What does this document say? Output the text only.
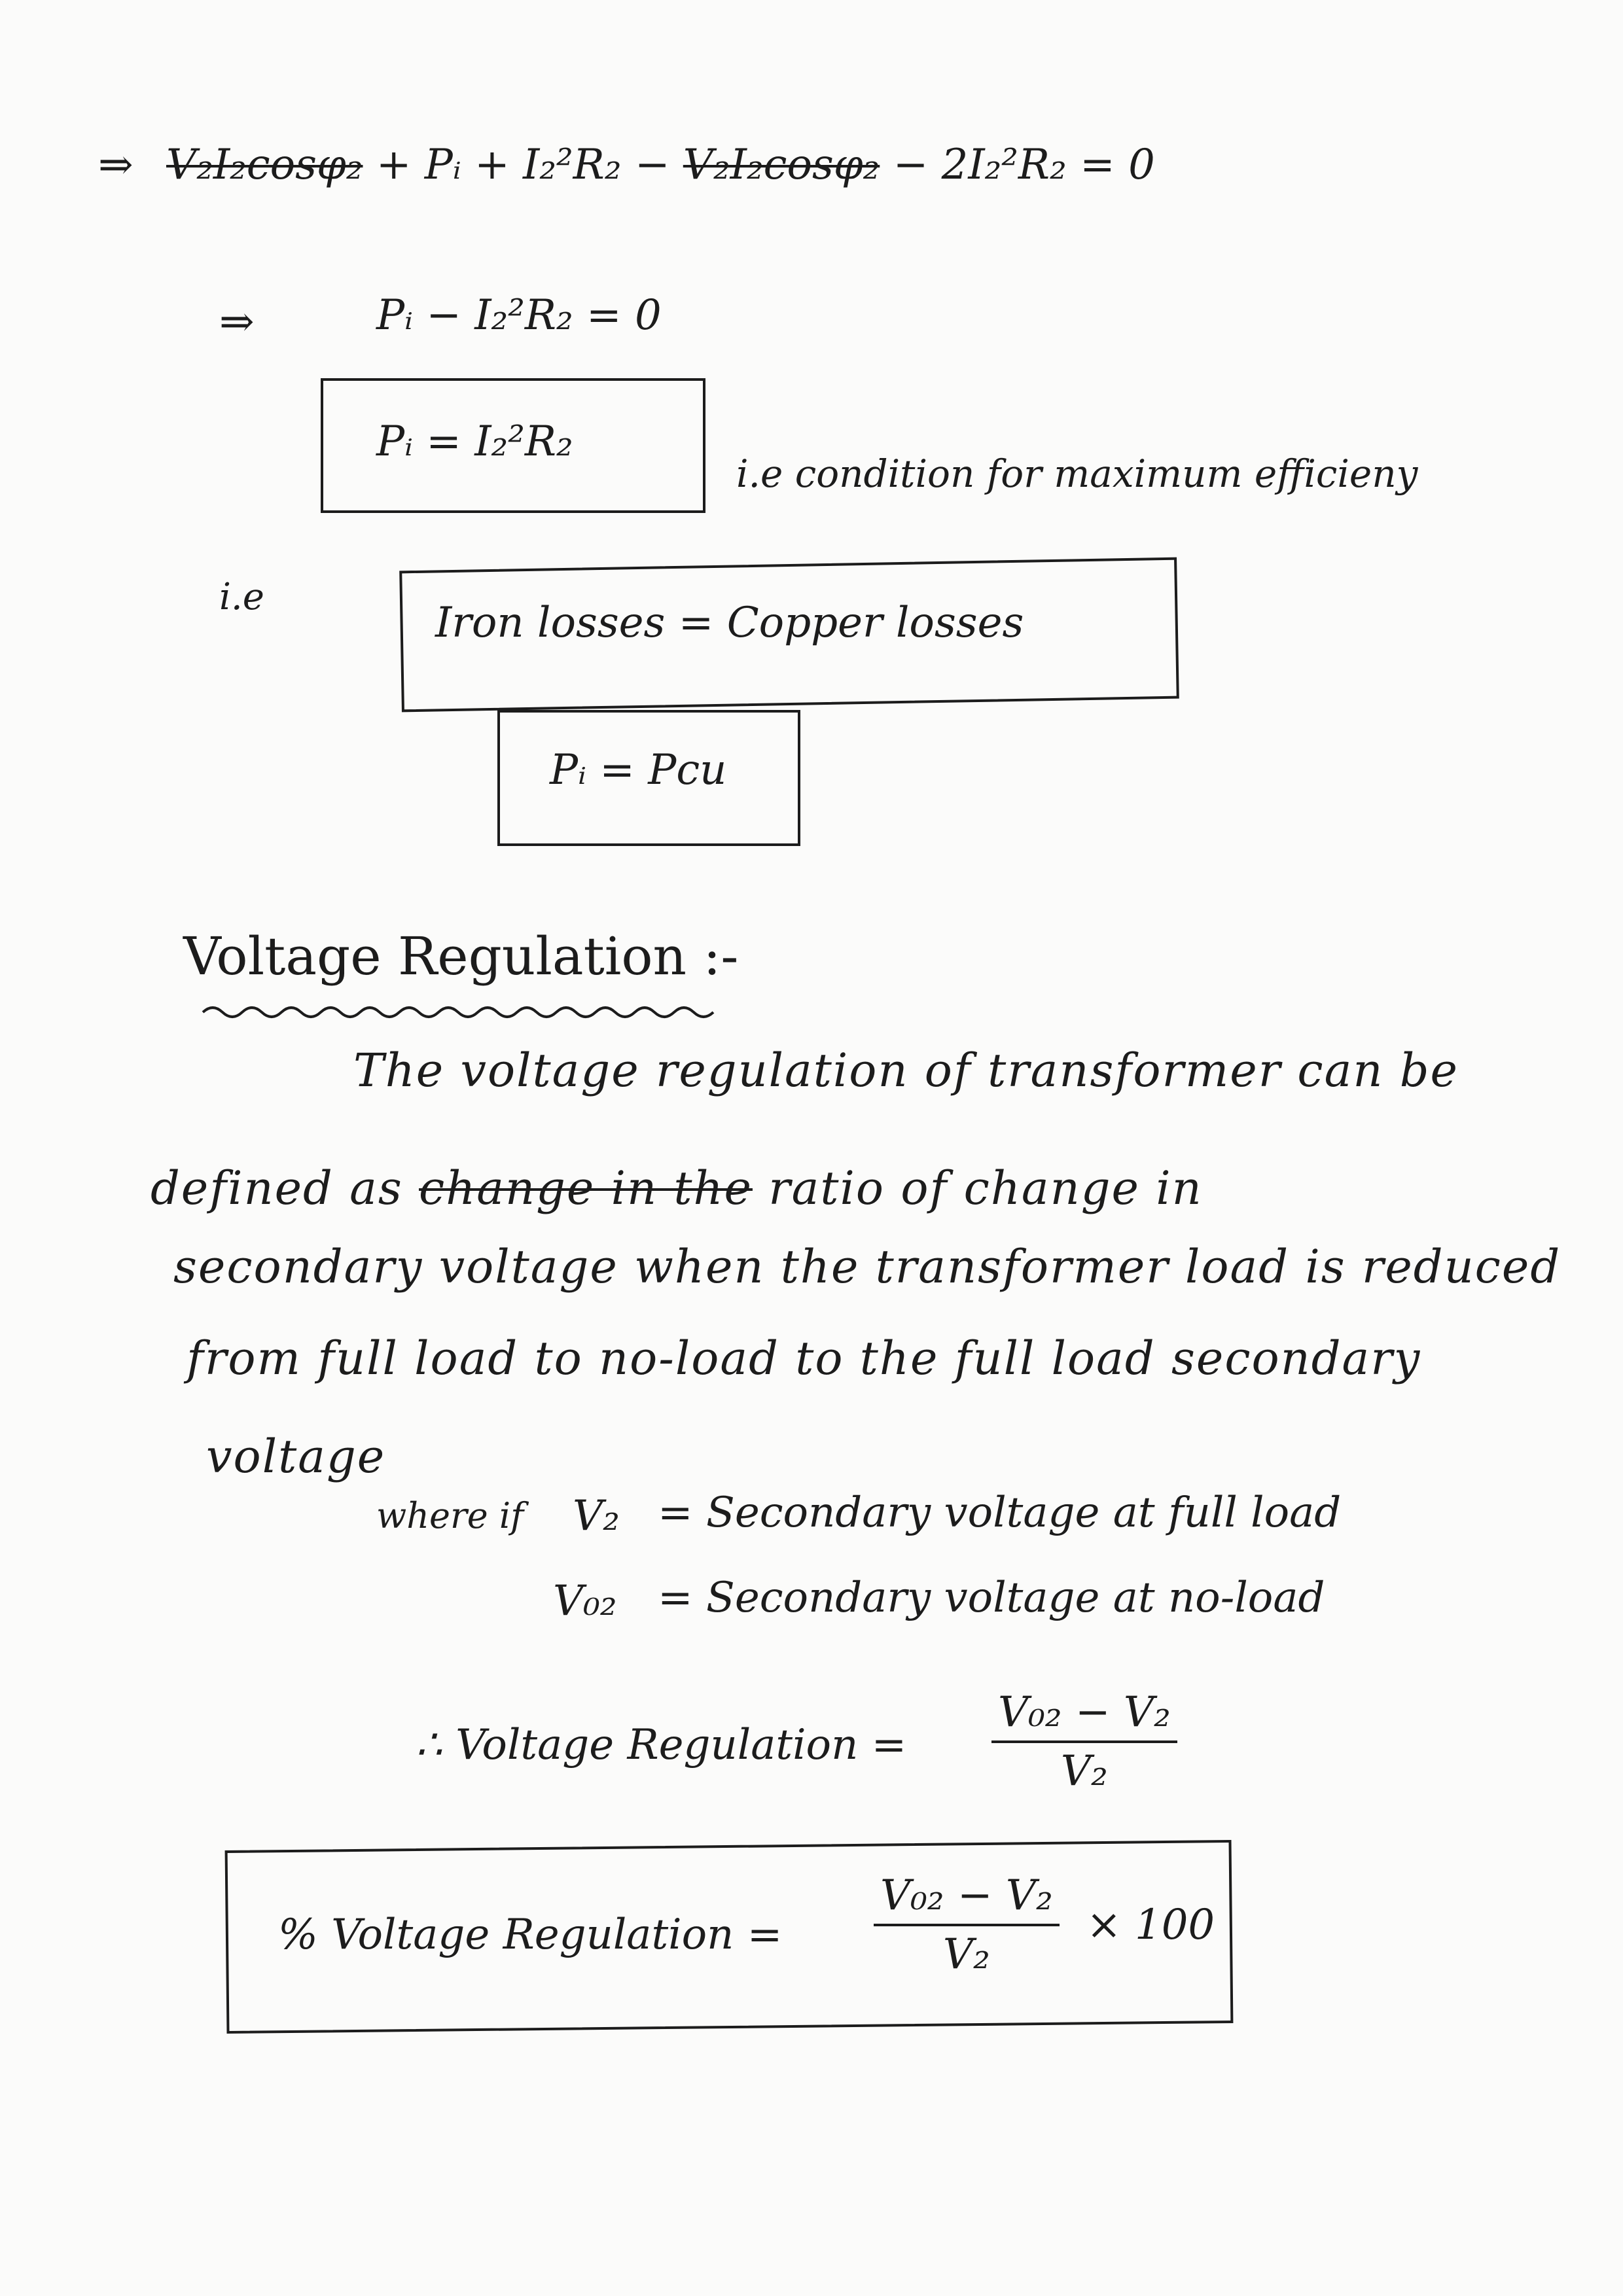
⇒ V₂I₂cosφ₂ + Pᵢ + I₂²R₂ − V₂I₂cosφ₂ − 2I₂²R₂ = 0
⇒	Pᵢ − I₂²R₂ = 0
Pᵢ = I₂²R₂
i.e condition for maximum efficieny
i.e
Iron losses = Copper losses
Pᵢ = Pcu
Voltage Regulation :-
The voltage regulation of transformer can be
defined as change in the ratio of change in
secondary voltage when the transformer load is reduced
from full load to no-load to the full load secondary
voltage
where if V₂ = Secondary voltage at full load
V₀₂ = Secondary voltage at no-load
∴ Voltage Regulation = $\frac{\text{V₀₂ − V₂}}{\text{V₂}}$
% Voltage Regulation = $\frac{\text{V₀₂ − V₂}}{\text{V₂}} \times 100$
